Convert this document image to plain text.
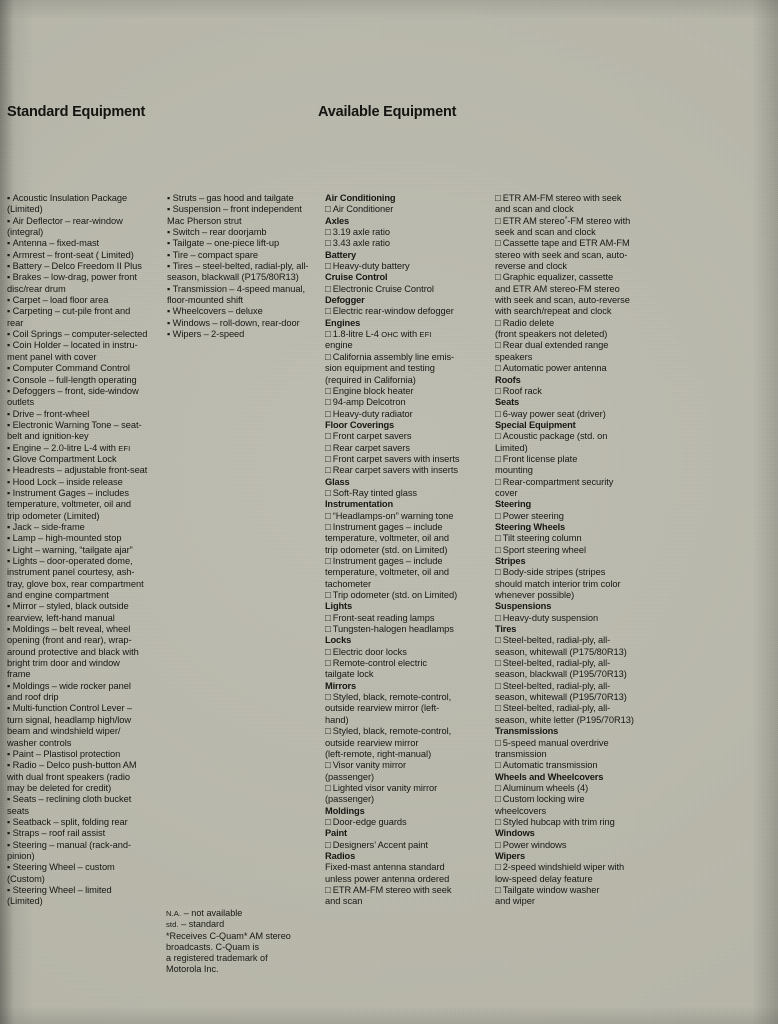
Standard Equipment	Available Equipment
▪ Acoustic Insulation Package
(Limited)
▪ Air Deflector – rear-window
(integral)
▪ Antenna – fixed-mast
▪ Armrest – front-seat ( Limited)
▪ Battery – Delco Freedom II Plus
▪ Brakes – low-drag, power front
disc/rear drum
▪ Carpet – load floor area
▪ Carpeting – cut-pile front and
rear
▪ Coil Springs – computer-selected
▪ Coin Holder – located in instru-
ment panel with cover
▪ Computer Command Control
▪ Console – full-length operating
▪ Defoggers – front, side-window
outlets
▪ Drive – front-wheel
▪ Electronic Warning Tone – seat-
belt and ignition-key
▪ Engine – 2.0-litre L-4 with EFI
▪ Glove Compartment Lock
▪ Headrests – adjustable front-seat
▪ Hood Lock – inside release
▪ Instrument Gages – includes
temperature, voltmeter, oil and
trip odometer (Limited)
▪ Jack – side-frame
▪ Lamp – high-mounted stop
▪ Light – warning, “tailgate ajar”
▪ Lights – door-operated dome,
instrument panel courtesy, ash-
tray, glove box, rear compartment
and engine compartment
▪ Mirror – styled, black outside
rearview, left-hand manual
▪ Moldings – belt reveal, wheel
opening (front and rear), wrap-
around protective and black with
bright trim door and window
frame
▪ Moldings – wide rocker panel
and roof drip
▪ Multi-function Control Lever –
turn signal, headlamp high/low
beam and windshield wiper/
washer controls
▪ Paint – Plastisol protection
▪ Radio – Delco push-button AM
with dual front speakers (radio
may be deleted for credit)
▪ Seats – reclining cloth bucket
seats
▪ Seatback – split, folding rear
▪ Straps – roof rail assist
▪ Steering – manual (rack-and-
pinion)
▪ Steering Wheel – custom
(Custom)
▪ Steering Wheel – limited
(Limited)
▪ Struts – gas hood and tailgate
▪ Suspension – front independent
Mac Pherson strut
▪ Switch – rear doorjamb
▪ Tailgate – one-piece lift-up
▪ Tire – compact spare
▪ Tires – steel-belted, radial-ply, all-
season, blackwall (P175/80R13)
▪ Transmission – 4-speed manual,
floor-mounted shift
▪ Wheelcovers – deluxe
▪ Windows – roll-down, rear-door
▪ Wipers – 2-speed
Air Conditioning
□ Air Conditioner
Axles
□ 3.19 axle ratio
□ 3.43 axle ratio
Battery
□ Heavy-duty battery
Cruise Control
□ Electronic Cruise Control
Defogger
□ Electric rear-window defogger
Engines
□ 1.8-litre L-4 OHC with EFI
engine
□ California assembly line emis-
sion equipment and testing
(required in California)
□ Engine block heater
□ 94-amp Delcotron
□ Heavy-duty radiator
Floor Coverings
□ Front carpet savers
□ Rear carpet savers
□ Front carpet savers with inserts
□ Rear carpet savers with inserts
Glass
□ Soft-Ray tinted glass
Instrumentation
□ “Headlamps-on” warning tone
□ Instrument gages – include
temperature, voltmeter, oil and
trip odometer (std. on Limited)
□ Instrument gages – include
temperature, voltmeter, oil and
tachometer
□ Trip odometer (std. on Limited)
Lights
□ Front-seat reading lamps
□ Tungsten-halogen headlamps
Locks
□ Electric door locks
□ Remote-control electric
tailgate lock
Mirrors
□ Styled, black, remote-control,
outside rearview mirror (left-
hand)
□ Styled, black, remote-control,
outside rearview mirror
(left-remote, right-manual)
□ Visor vanity mirror
(passenger)
□ Lighted visor vanity mirror
(passenger)
Moldings
□ Door-edge guards
Paint
□ Designers’ Accent paint
Radios
Fixed-mast antenna standard
unless power antenna ordered
□ ETR AM-FM stereo with seek
and scan
□ ETR AM-FM stereo with seek
and scan and clock
□ ETR AM stereo*-FM stereo with
seek and scan and clock
□ Cassette tape and ETR AM-FM
stereo with seek and scan, auto-
reverse and clock
□ Graphic equalizer, cassette
and ETR AM stereo-FM stereo
with seek and scan, auto-reverse
with search/repeat and clock
□ Radio delete
(front speakers not deleted)
□ Rear dual extended range
speakers
□ Automatic power antenna
Roofs
□ Roof rack
Seats
□ 6-way power seat (driver)
Special Equipment
□ Acoustic package (std. on
Limited)
□ Front license plate
mounting
□ Rear-compartment security
cover
Steering
□ Power steering
Steering Wheels
□ Tilt steering column
□ Sport steering wheel
Stripes
□ Body-side stripes (stripes
should match interior trim color
whenever possible)
Suspensions
□ Heavy-duty suspension
Tires
□ Steel-belted, radial-ply, all-
season, whitewall (P175/80R13)
□ Steel-belted, radial-ply, all-
season, blackwall (P195/70R13)
□ Steel-belted, radial-ply, all-
season, whitewall (P195/70R13)
□ Steel-belted, radial-ply, all-
season, white letter (P195/70R13)
Transmissions
□ 5-speed manual overdrive
transmission
□ Automatic transmission
Wheels and Wheelcovers
□ Aluminum wheels (4)
□ Custom locking wire
wheelcovers
□ Styled hubcap with trim ring
Windows
□ Power windows
Wipers
□ 2-speed windshield wiper with
low-speed delay feature
□ Tailgate window washer
and wiper

N.A. – not available

std. – standard

*Receives C-Quam* AM stereo

broadcasts. C-Quam is

a registered trademark of

Motorola Inc.
